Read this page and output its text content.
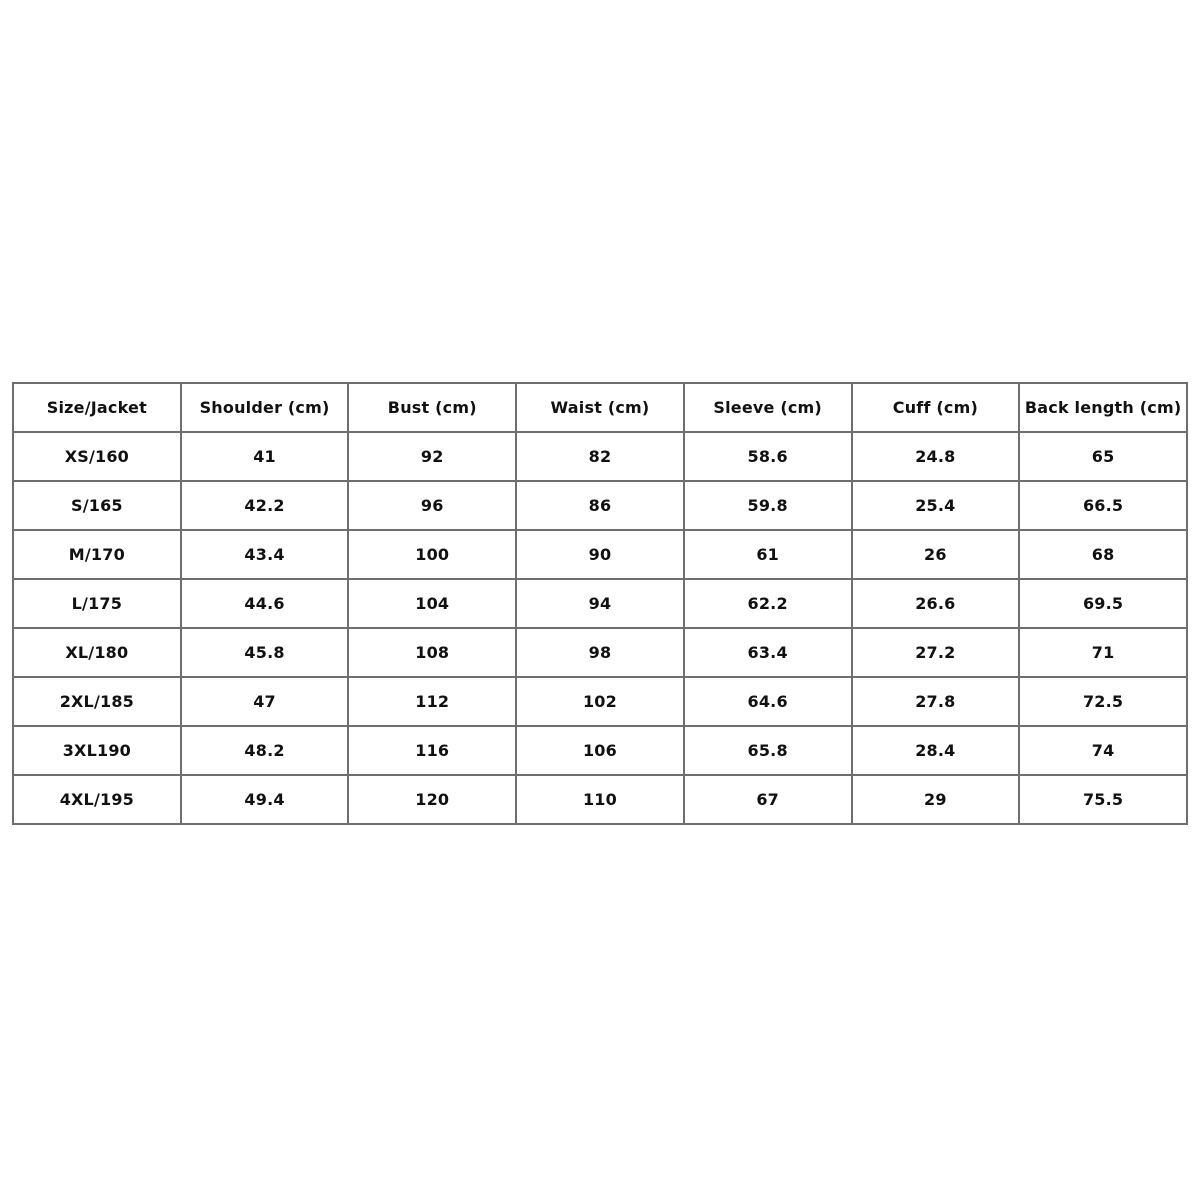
Size/Jacket	Shoulder (cm)	Bust (cm)	Waist (cm)	Sleeve (cm)	Cuff (cm)	Back length (cm)
XS/160	41	92	82	58.6	24.8	65
S/165	42.2	96	86	59.8	25.4	66.5
M/170	43.4	100	90	61	26	68
L/175	44.6	104	94	62.2	26.6	69.5
XL/180	45.8	108	98	63.4	27.2	71
2XL/185	47	112	102	64.6	27.8	72.5
3XL190	48.2	116	106	65.8	28.4	74
4XL/195	49.4	120	110	67	29	75.5
